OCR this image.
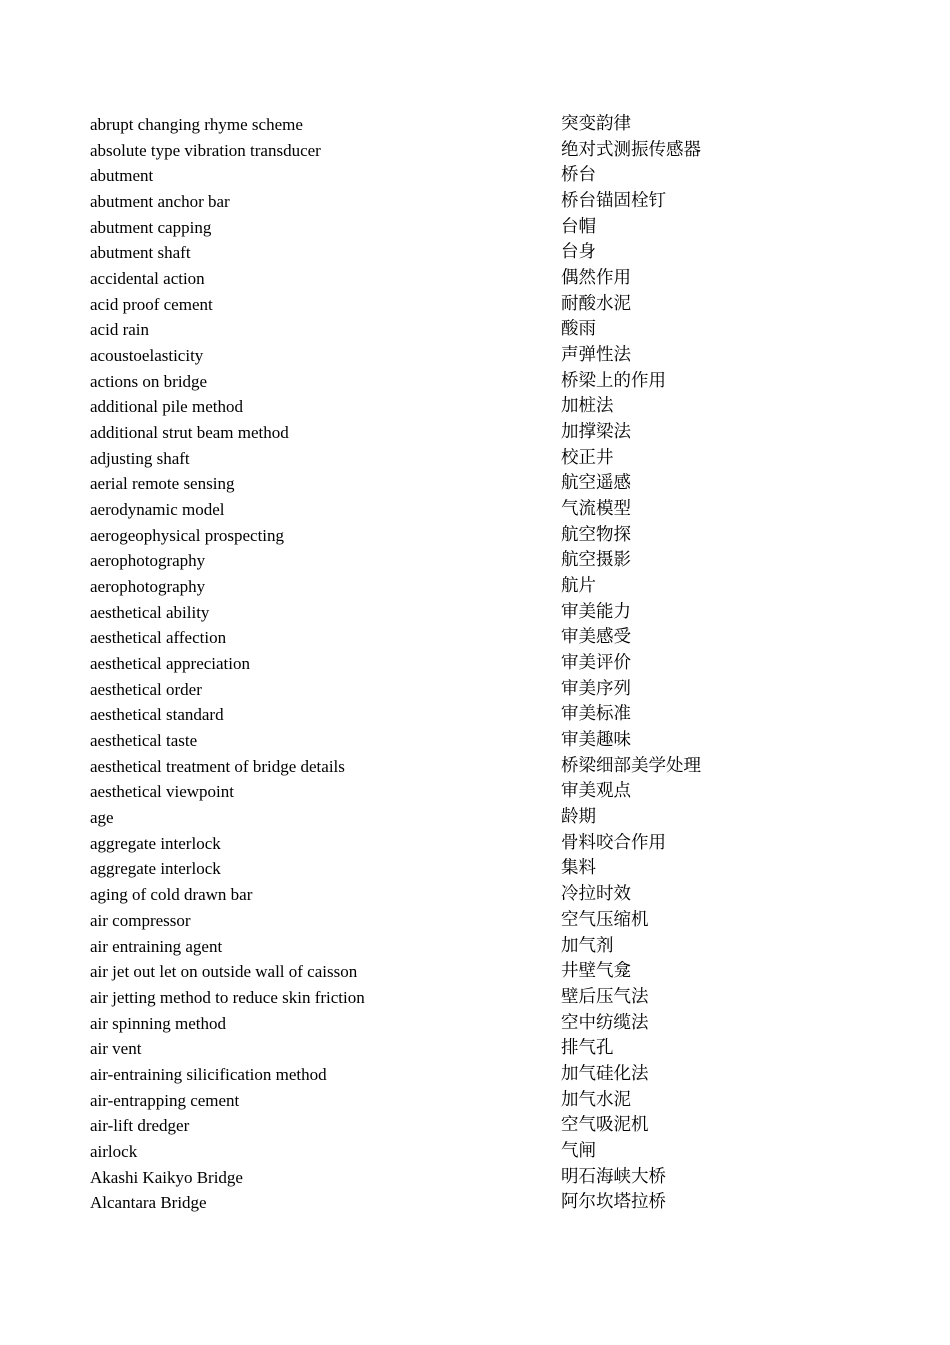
abrupt changing rhyme scheme	突变韵律
absolute type vibration transducer	绝对式测振传感器
abutment	桥台
abutment anchor bar	桥台锚固栓钉
abutment capping	台帽
abutment shaft	台身
accidental action	偶然作用
acid proof cement	耐酸水泥
acid rain	酸雨
acoustoelasticity	声弹性法
actions on bridge	桥梁上的作用
additional pile method	加桩法
additional strut beam method	加撑梁法
adjusting shaft	校正井
aerial remote sensing	航空遥感
aerodynamic model	气流模型
aerogeophysical prospecting	航空物探
aerophotography	航空摄影
aerophotography	航片
aesthetical ability	审美能力
aesthetical affection	审美感受
aesthetical appreciation	审美评价
aesthetical order	审美序列
aesthetical standard	审美标准
aesthetical taste	审美趣味
aesthetical treatment of bridge details	桥梁细部美学处理
aesthetical viewpoint	审美观点
age	龄期
aggregate interlock	骨料咬合作用
aggregate interlock	集料
aging of cold drawn bar	冷拉时效
air compressor	空气压缩机
air entraining agent	加气剂
air jet out let on outside wall of caisson	井壁气龛
air jetting method to reduce skin friction	壁后压气法
air spinning method	空中纺缆法
air vent	排气孔
air-entraining silicification method	加气硅化法
air-entrapping cement	加气水泥
air-lift dredger	空气吸泥机
airlock	气闸
Akashi Kaikyo Bridge	明石海峡大桥
Alcantara Bridge	阿尔坎塔拉桥
